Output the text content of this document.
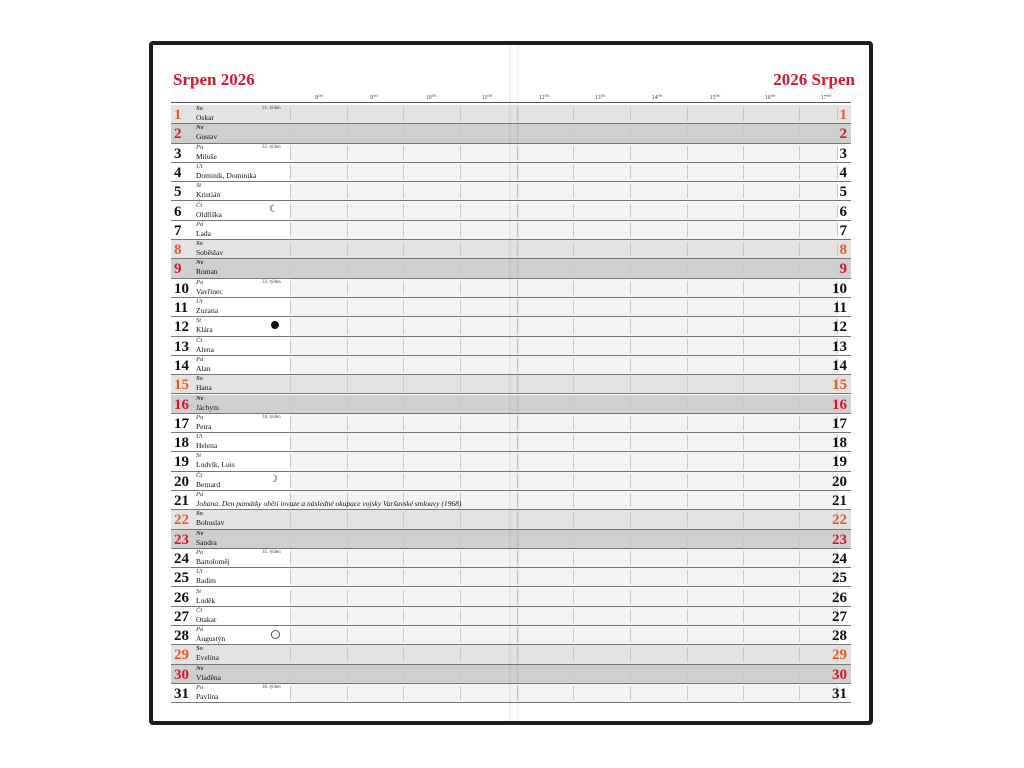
Srpen 2026	2026 Srpen
8⁰⁰	9⁰⁰	10⁰⁰	11⁰⁰	12⁰⁰	13⁰⁰	14⁰⁰	15⁰⁰	16⁰⁰	17⁰⁰
1 So
Oskar
31. týden	1
2 Ne
Gustav	2
3 Po
Miluše
32. týden	3
4 Út
Dominik, Dominika	4
5 St
Kristián	5
6 Čt
Oldřiška	☾	6
7 Pá
Lada	7
8 So
Soběslav	8
9 Ne
Roman	9
10 Po
Vavřinec
33. týden	10
11 Út
Zuzana	11
12 St
Klára	12
13 Čt
Alena	13
14 Pá
Alan	14
15 So
Hana	15
16 Ne
Jáchym	16
17 Po
Petra
34. týden	17
18 Út
Helena	18
19 St
Ludvík, Luis	19
20 Čt
Bernard	☽	20
21 Pá
Johana, Den památky obětí invaze a následné okupace vojsky Varšavské smlouvy (1968)	21
22 So
Bohuslav	22
23 Ne
Sandra	23
24 Po
Bartoloměj
35. týden	24
25 Út
Radim	25
26 St
Luděk	26
27 Čt
Otakar	27
28 Pá
Augustýn	28
29 So
Evelína	29
30 Ne
Vladěna	30
31 Po
Pavlína
36. týden	31
